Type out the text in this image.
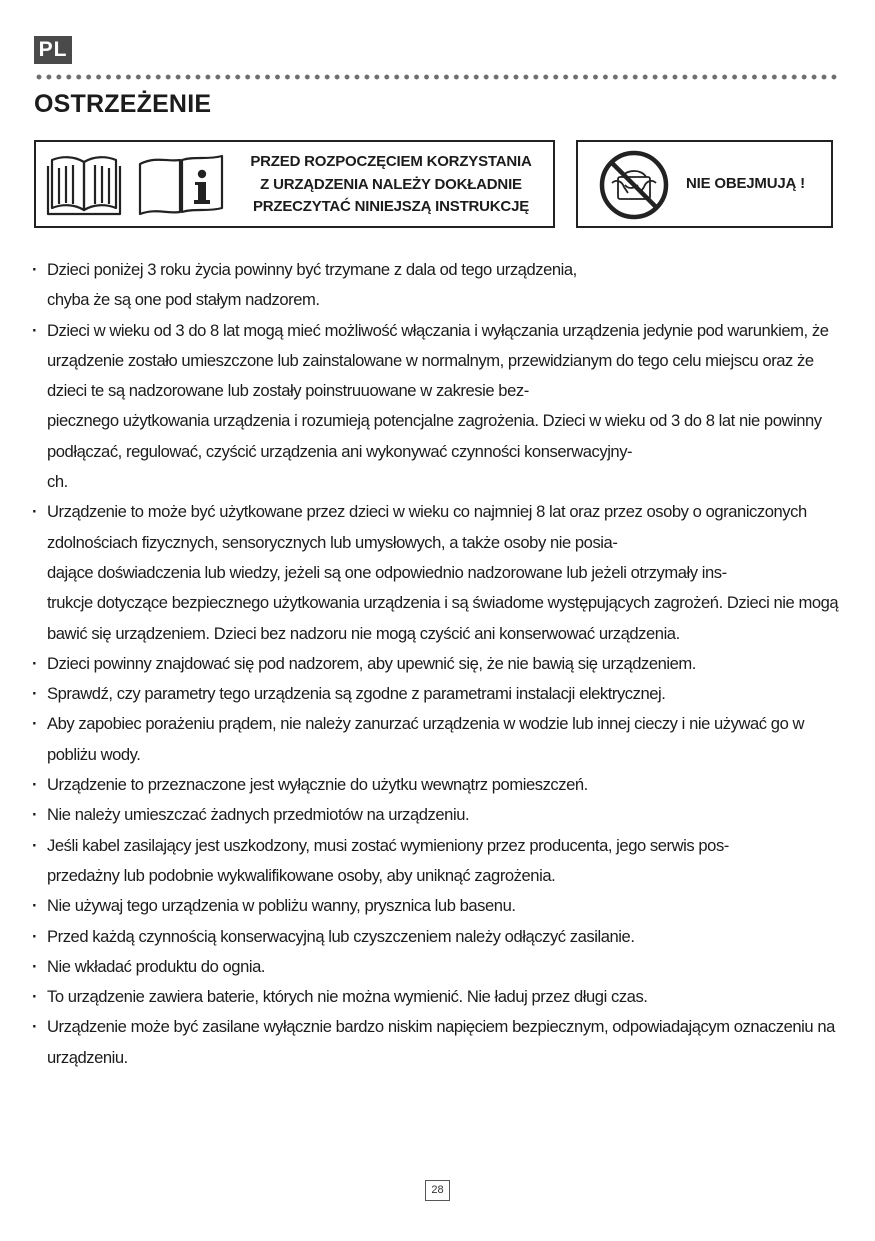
PL
OSTRZEŻENIE
PRZED ROZPOCZĘCIEM KORZYSTANIA
Z URZĄDZENIA NALEŻY DOKŁADNIE
PRZECZYTAĆ NINIEJSZĄ INSTRUKCJĘ
NIE OBEJMUJĄ !
· Dzieci poniżej 3 roku życia powinny być trzymane z dala od tego urządzenia,
chyba że są one pod stałym nadzorem.
· Dzieci w wieku od 3 do 8 lat mogą mieć możliwość włączania i wyłączania urządzenia jedynie pod warunkiem, że urządzenie zostało umieszczone lub zainstalowane w normalnym, przewidzianym do tego celu miejscu oraz że dzieci te są nadzorowane lub zostały poinstruuowane w zakresie bez-
piecznego użytkowania urządzenia i rozumieją potencjalne zagrożenia. Dzieci w wieku od 3 do 8 lat nie powinny podłączać, regulować, czyścić urządzenia ani wykonywać czynności konserwacyjny-
ch.
· Urządzenie to może być użytkowane przez dzieci w wieku co najmniej 8 lat oraz przez osoby o ograniczonych zdolnościach fizycznych, sensorycznych lub umysłowych, a także osoby nie posia-
dające doświadczenia lub wiedzy, jeżeli są one odpowiednio nadzorowane lub jeżeli otrzymały ins-
trukcje dotyczące bezpiecznego użytkowania urządzenia i są świadome występujących zagrożeń. Dzieci nie mogą bawić się urządzeniem. Dzieci bez nadzoru nie mogą czyścić ani konserwować urządzenia.
· Dzieci powinny znajdować się pod nadzorem, aby upewnić się, że nie bawią się urządzeniem.
· Sprawdź, czy parametry tego urządzenia są zgodne z parametrami instalacji elektrycznej.
· Aby zapobiec porażeniu prądem, nie należy zanurzać urządzenia w wodzie lub innej cieczy i nie używać go w pobliżu wody.
· Urządzenie to przeznaczone jest wyłącznie do użytku wewnątrz pomieszczeń.
· Nie należy umieszczać żadnych przedmiotów na urządzeniu.
· Jeśli kabel zasilający jest uszkodzony, musi zostać wymieniony przez producenta, jego serwis pos-
przedażny lub podobnie wykwalifikowane osoby, aby uniknąć zagrożenia.
· Nie używaj tego urządzenia w pobliżu wanny, prysznica lub basenu.
· Przed każdą czynnością konserwacyjną lub czyszczeniem należy odłączyć zasilanie.
· Nie wkładać produktu do ognia.
· To urządzenie zawiera baterie, których nie można wymienić. Nie ładuj przez długi czas.
· Urządzenie może być zasilane wyłącznie bardzo niskim napięciem bezpiecznym, odpowiadającym oznaczeniu na urządzeniu.
28
